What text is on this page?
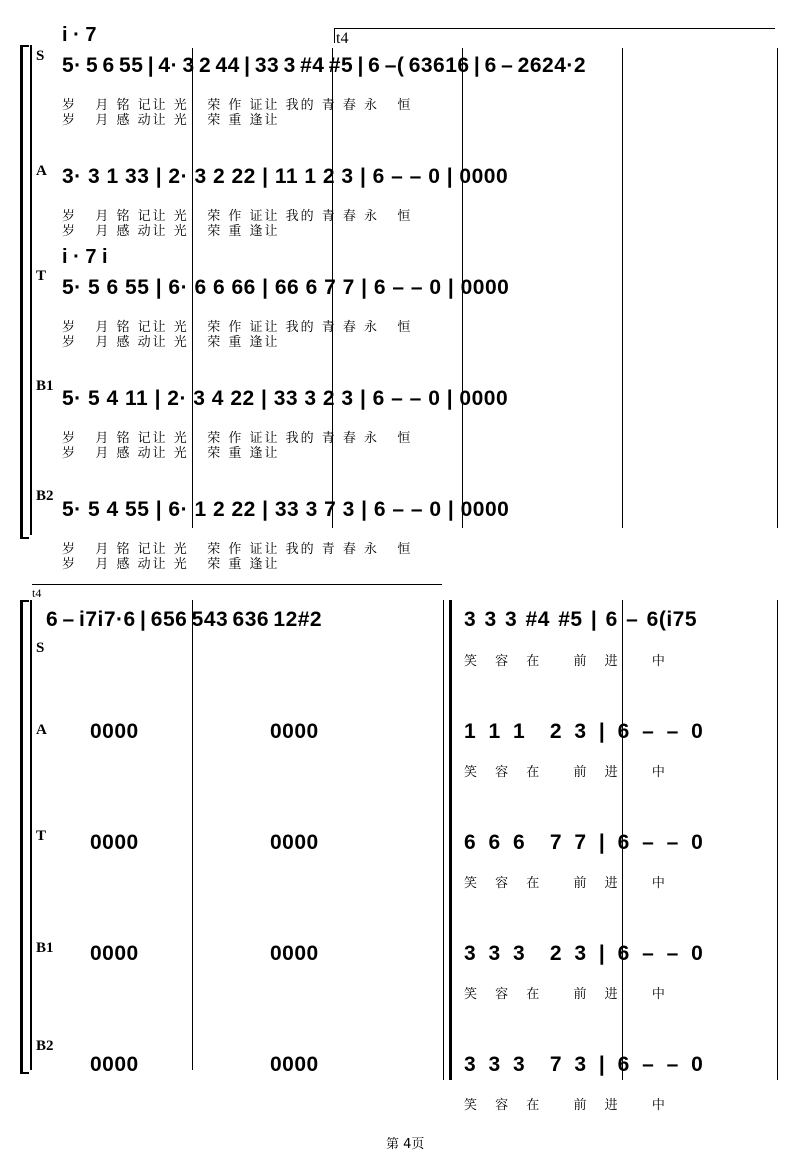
t4
i · 7
i · 7 i
S 5· 5 6 55 | 4· 3 2 44 | 33 3 #4 #5 | 6 –( 63616 | 6 – 2624·2
岁   月 铭 记让 光   荣 作 证让 我的 青 春 永   恒
岁   月 感 动让 光   荣 重 逢让
A 3· 3 1 33 | 2· 3 2 22 | 11 1 2 3 | 6 – – 0 | 0000
岁   月 铭 记让 光   荣 作 证让 我的 青 春 永   恒
岁   月 感 动让 光   荣 重 逢让
T 5· 5 6 55 | 6· 6 6 66 | 66 6 7 7 | 6 – – 0 | 0000
岁   月 铭 记让 光   荣 作 证让 我的 青 春 永   恒
岁   月 感 动让 光   荣 重 逢让
B1
5· 5 4 11 | 2· 3 4 22 | 33 3 2 3 | 6 – – 0 | 0000
岁   月 铭 记让 光   荣 作 证让 我的 青 春 永   恒
岁   月 感 动让 光   荣 重 逢让
B2
5· 5 4 55 | 6· 1 2 22 | 33 3 7 3 | 6 – – 0 | 0000
岁   月 铭 记让 光   荣 作 证让 我的 青 春 永   恒
岁   月 感 动让 光   荣 重 逢让
t4
6 – i7i7·6 | 656 543 636 12#2	3 3 3 #4 #5 | 6 – 6(i75
S
笑 容 在  前 进  中
A 0000	0000	1 1 1  2 3 | 6 – – 0
笑 容 在  前 进  中
T 0000	0000	6 6 6  7 7 | 6 – – 0
笑 容 在  前 进  中
B1 0000	0000	3 3 3  2 3 | 6 – – 0
笑 容 在  前 进  中
B2
0000	0000	3 3 3  7 3 | 6 – – 0
笑 容 在  前 进  中
第 4页
